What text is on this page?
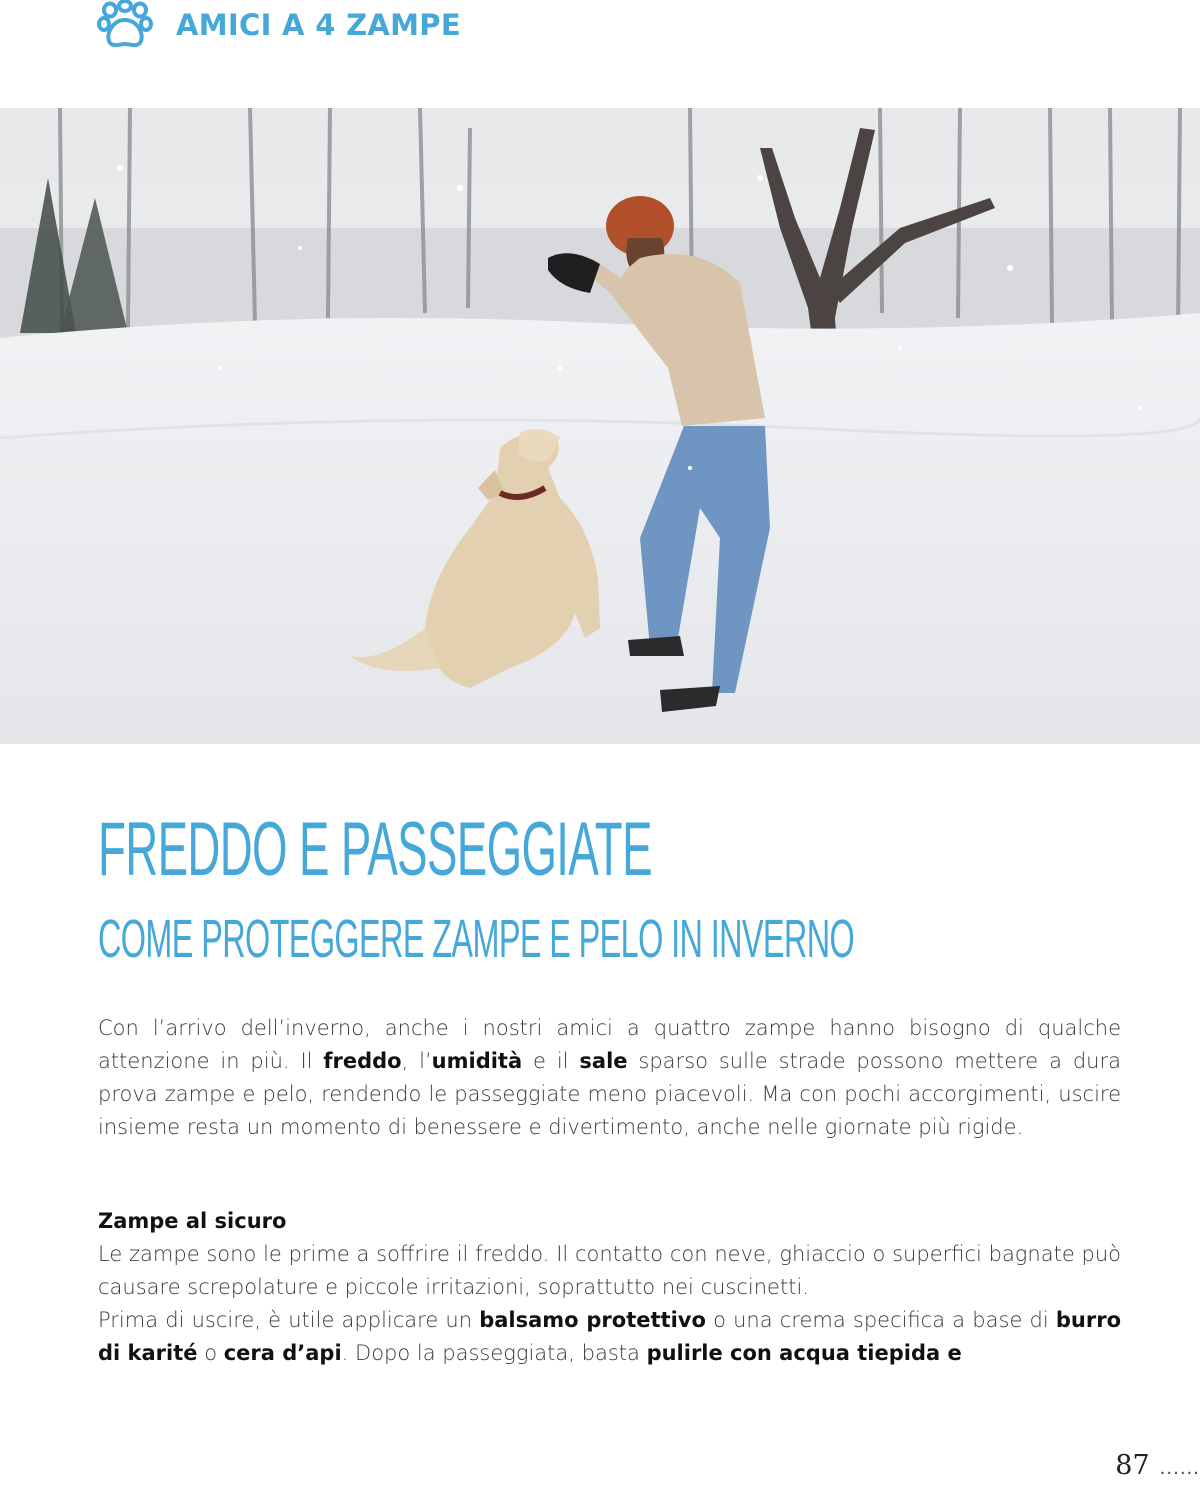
AMICI A 4 ZAMPE
FREDDO E PASSEGGIATE
COME PROTEGGERE ZAMPE E PELO IN INVERNO

Con l’arrivo dell’inverno, anche i nostri amici a quattro zampe hanno bisogno di qualche attenzione in più. Il freddo, l’umidità e il sale sparso sulle strade possono mettere a dura prova zampe e pelo, rendendo le passeggiate meno piacevoli. Ma con pochi accorgimenti, uscire insieme resta un momento di benessere e divertimento, anche nelle giornate più rigide.

Zampe al sicuro

Le zampe sono le prime a soffrire il freddo. Il contatto con neve, ghiaccio o superfici bagnate può causare screpolature e piccole irritazioni, soprattutto nei cuscinetti.

Prima di uscire, è utile applicare un balsamo protettivo o una crema specifica a base di burro di karité o cera d’api. Dopo la passeggiata, basta pulirle con acqua tiepida e

87 ......
